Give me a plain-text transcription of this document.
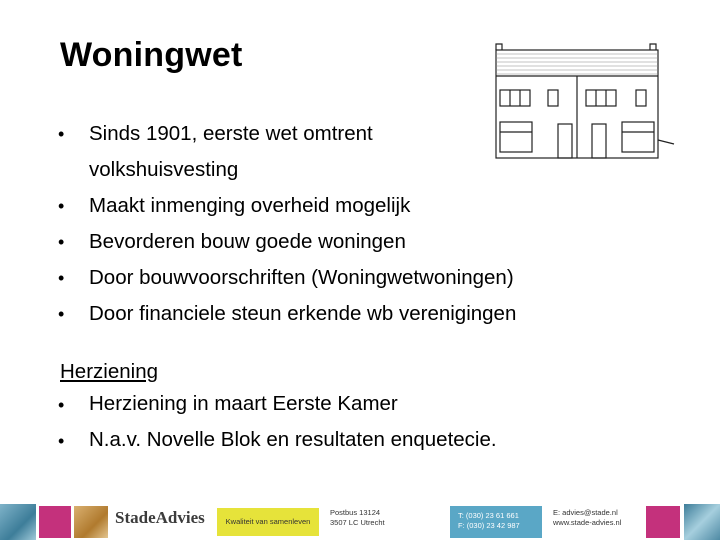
Woningwet
•	Sinds 1901, eerste wet omtrent
volkshuisvesting
•	Maakt inmenging overheid mogelijk
•	Bevorderen bouw goede woningen
•	Door bouwvoorschriften (Woningwetwoningen)
•	Door financiele steun erkende wb verenigingen
Herziening
•	Herziening in maart Eerste Kamer
•	N.a.v. Novelle Blok en resultaten enquetecie.
StadeAdvies	Kwaliteit van samenleven
Postbus 13124
3507 LC Utrecht
T: (030) 23 61 661
F: (030) 23 42 987
E: advies@stade.nl
www.stade-advies.nl
